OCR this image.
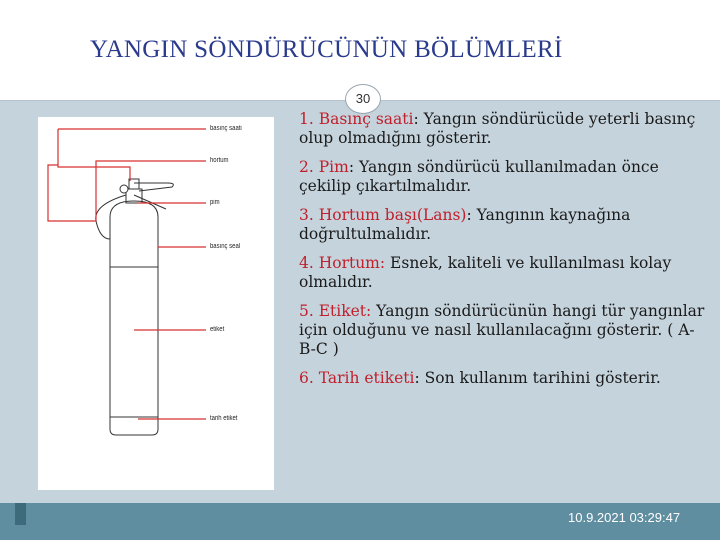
YANGIN SÖNDÜRÜCÜNÜN BÖLÜMLERİ
30
basınç saati
hortum
pim
basınç seal
etiket
tarih etiket
1. Basınç saati: Yangın söndürücüde yeterli basınç olup olmadığını gösterir.
2. Pim: Yangın söndürücü kullanılmadan önce çekilip çıkartılmalıdır.
3. Hortum başı(Lans): Yangının kaynağına doğrultulmalıdır.
4. Hortum: Esnek, kaliteli ve kullanılması kolay olmalıdır.
5. Etiket: Yangın söndürücünün hangi tür yangınlar için olduğunu ve nasıl kullanılacağını gösterir. ( A-B-C )
6. Tarih etiketi: Son kullanım tarihini gösterir.
10.9.2021 03:29:47
